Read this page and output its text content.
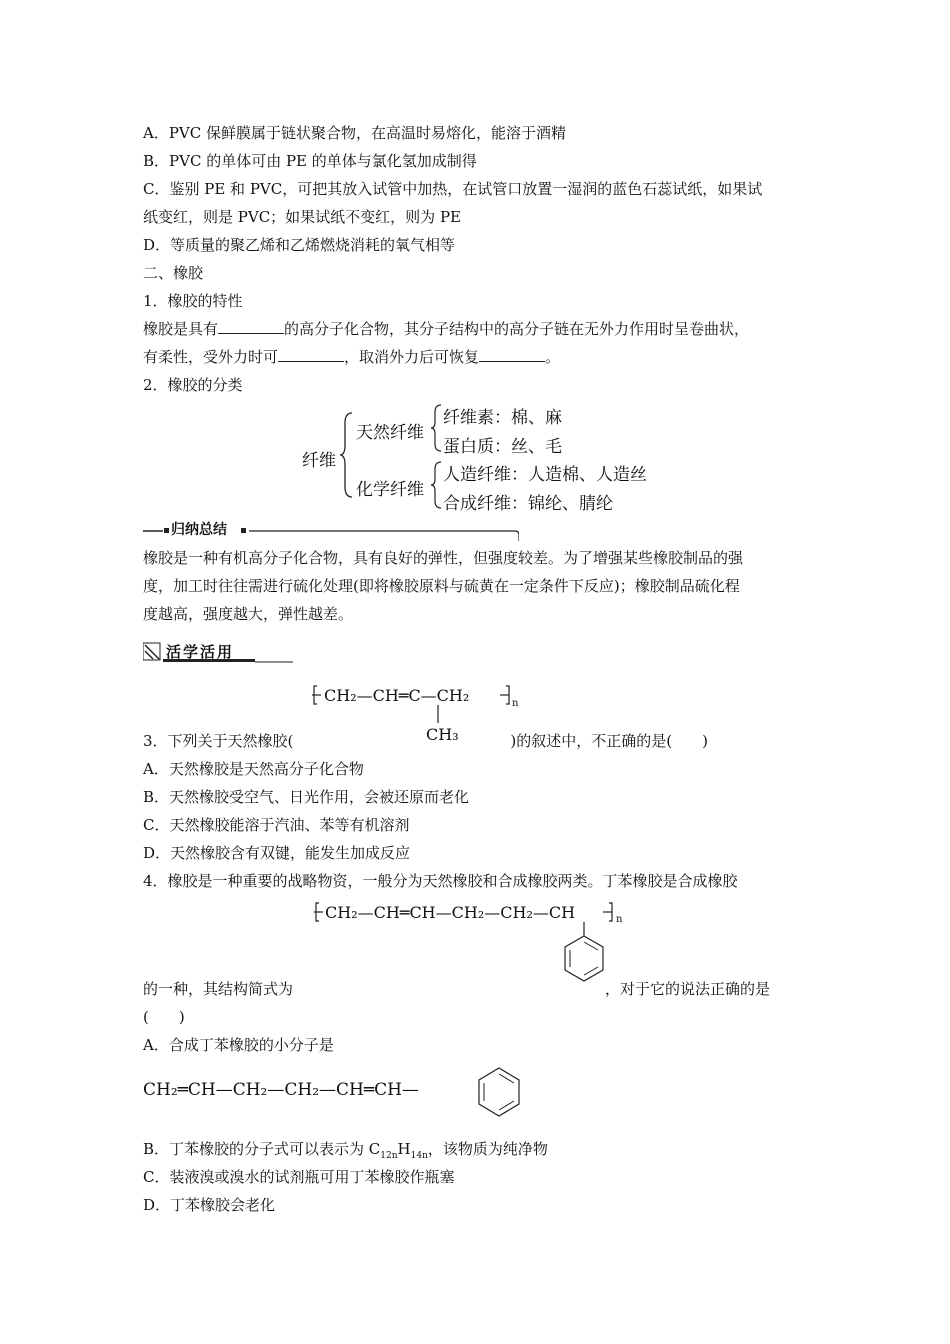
A．PVC 保鲜膜属于链状聚合物，在高温时易熔化，能溶于酒精
B．PVC 的单体可由 PE 的单体与氯化氢加成制得
C．鉴别 PE 和 PVC，可把其放入试管中加热，在试管口放置一湿润的蓝色石蕊试纸，如果试
纸变红，则是 PVC；如果试纸不变红，则为 PE
D．等质量的聚乙烯和乙烯燃烧消耗的氧气相等
二、橡胶
1．橡胶的特性
橡胶是具有	的高分子化合物，其分子结构中的高分子链在无外力作用时呈卷曲状，
有柔性，受外力时可	，取消外力后可恢复	。
2．橡胶的分类
纤维
天然纤维
化学纤维
纤维素：棉、麻
蛋白质：丝、毛
人造纤维：人造棉、人造丝
合成纤维：锦纶、腈纶
归纳总结
橡胶是一种有机高分子化合物，具有良好的弹性，但强度较差。为了增强某些橡胶制品的强
度，加工时往往需进行硫化处理(即将橡胶原料与硫黄在一定条件下反应)；橡胶制品硫化程
度越高，强度越大，弹性越差。
活学活用
CH₂—CH═C—CH₂	n
CH₃
3．下列关于天然橡胶(	)的叙述中，不正确的是(　　)
A．天然橡胶是天然高分子化合物
B．天然橡胶受空气、日光作用，会被还原而老化
C．天然橡胶能溶于汽油、苯等有机溶剂
D．天然橡胶含有双键，能发生加成反应
4．橡胶是一种重要的战略物资，一般分为天然橡胶和合成橡胶两类。丁苯橡胶是合成橡胶
CH₂—CH═CH—CH₂—CH₂—CH	n
的一种，其结构简式为	，对于它的说法正确的是
(　　)
A．合成丁苯橡胶的小分子是
CH₂═CH—CH₂—CH₂—CH═CH—
B．丁苯橡胶的分子式可以表示为 $C_{12n}H_{14n}$，该物质为纯净物
C．装液溴或溴水的试剂瓶可用丁苯橡胶作瓶塞
D．丁苯橡胶会老化
